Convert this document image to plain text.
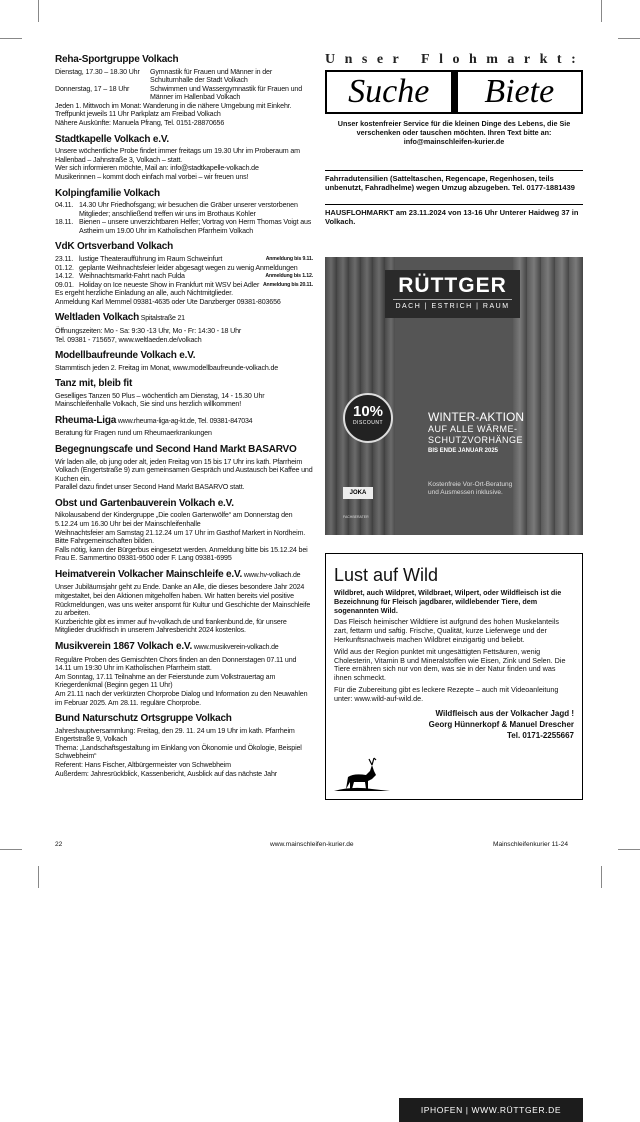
Reha-Sportgruppe Volkach
Dienstag, 17.30 – 18.30 Uhr	Gymnastik für Frauen und Männer in der Schulturnhalle der Stadt Volkach
Donnerstag, 17 – 18 Uhr	Schwimmen und Wassergymnastik für Frauen und Männer im Hallenbad Volkach

Jeden 1. Mittwoch im Monat: Wanderung in die nähere Umgebung mit Einkehr. Treffpunkt jeweils 11 Uhr Parkplatz am Freibad Volkach

Nähere Auskünfte: Manuela Pfrang, Tel. 0151-28870656

Stadtkapelle Volkach e.V.

Unsere wöchentliche Probe findet immer freitags um 19.30 Uhr im Proberaum am Hallenbad – Jahnstraße 3, Volkach – statt.

Wer sich informieren möchte, Mail an: info@stadtkapelle-volkach.de

Musikerinnen – kommt doch einfach mal vorbei – wir freuen uns!

Kolpingfamilie Volkach
04.11. 14.30 Uhr Friedhofsgang; wir besuchen die Gräber unserer verstorbenen Mitglieder; anschließend treffen wir uns im Brothaus Kohler
18.11. Bienen – unsere unverzichtbaren Helfer; Vortrag von Herm Thomas Voigt aus Astheim um 19.00 Uhr im Katholischen Pfarrheim Volkach
VdK Ortsverband Volkach
23.11. lustige Theateraufführung im Raum Schweinfurt	Anmeldung bis 9.11.
01.12. geplante Weihnachtsfeier leider abgesagt wegen zu wenig Anmeldungen
14.12. Weihnachtsmarkt-Fahrt nach Fulda	Anmeldung bis 1.12.
09.01. Holiday on Ice neueste Show in Frankfurt mit WSV bei Adler Anmeldung bis 20.11.

Es ergeht herzliche Einladung an alle, auch Nichtmitglieder.

Anmeldung Karl Memmel 09381-4635 oder Ute Danzberger 09381-803656

Weltladen Volkach Spitalstraße 21

Öffnungszeiten: Mo - Sa: 9:30 -13 Uhr, Mo - Fr: 14:30 - 18 Uhr

Tel. 09381 - 715657, www.weltlaeden.de/volkach

Modellbaufreunde Volkach e.V.

Stammtisch jeden 2. Freitag im Monat, www.modellbaufreunde-volkach.de

Tanz mit, bleib fit

Geselliges Tanzen 50 Plus – wöchentlich am Dienstag, 14 - 15.30 Uhr

Mainschleifenhalle Volkach, Sie sind uns herzlich willkommen!

Rheuma-Liga www.rheuma-liga-ag-kt.de, Tel. 09381-847034

Beratung für Fragen rund um Rheumaerkrankungen

Begegnungscafe und Second Hand Markt BASARVO

Wir laden alle, ob jung oder alt, jeden Freitag von 15 bis 17 Uhr ins kath. Pfarrheim Volkach (Engertstraße 9) zum gemeinsamen Gespräch und Austausch bei Kaffee und Kuchen ein.

Parallel dazu findet unser Second Hand Markt BASARVO statt.

Obst und Gartenbauverein Volkach e.V.

Nikolausabend der Kindergruppe „Die coolen Gartenwölfe“ am Donnerstag den 5.12.24 um 16.30 Uhr bei der Mainschleifenhalle

Weihnachtsfeier am Samstag 21.12.24 um 17 Uhr im Gasthof Markert in Nordheim. Bitte Fahrgemeinschaften bilden.

Falls nötig, kann der Bürgerbus eingesetzt werden. Anmeldung bitte bis 15.12.24 bei Frau E. Sammertino 09381-9500 oder F. Lang 09381-6995

Heimatverein Volkacher Mainschleife e.V. www.hv-volkach.de

Unser Jubiläumsjahr geht zu Ende. Danke an Alle, die dieses besondere Jahr 2024 mitgestaltet, bei den Aktionen mitgeholfen haben. Wir hatten bereits viel positive Rückmeldungen, was uns weiter anspornt für Kultur und Geschichte der Mainschleife zu arbeiten.

Kurzberichte gibt es immer auf hv-volkach.de und frankenbund.de, für unsere Mitglieder druckfrisch in unserem Jahresbericht 2024 kostenlos.

Musikverein 1867 Volkach e.V. www.musikverein-volkach.de

Reguläre Proben des Gemischten Chors finden an den Donnerstagen 07.11 und 14.11 um 19:30 Uhr im Katholischen Pfarrheim statt.

Am Sonntag, 17.11 Teilnahme an der Feierstunde zum Volkstrauertag am Kriegerdenkmal (Beginn gegen 11 Uhr)

Am 21.11 nach der verkürzten Chorprobe Dialog und Information zu den Neuwahlen im Februar 2025. Am 28.11. reguläre Chorprobe.

Bund Naturschutz Ortsgruppe Volkach

Jahreshauptversammlung: Freitag, den 29. 11. 24 um 19 Uhr im kath. Pfarrheim Engertstraße 9, Volkach

Thema: „Landschaftsgestaltung im Einklang von Ökonomie und Ökologie, Beispiel Schwebheim“

Referent: Hans Fischer, Altbürgermeister von Schwebheim

Außerdem: Jahresrückblick, Kassenbericht, Ausblick auf das nächste Jahr

Unser Flohmarkt:
Suche	Biete
Unser kostenfreier Service für die kleinen Dinge des Lebens, die Sie verschenken oder tauschen möchten. Ihren Text bitte an: info@mainschleifen-kurier.de
Fahrradutensilien (Satteltaschen, Regencape, Regenhosen, teils unbenutzt, Fahradhelme) wegen Umzug abzugeben. Tel. 0177-1881439
HAUSFLOHMARKT am 23.11.2024 von 13-16 Uhr Unterer Haidweg 37 in Volkach.
RÜTTGER
DACH | ESTRICH | RAUM
10%
DISCOUNT	WINTER-AKTION
AUF ALLE WÄRME-
SCHUTZVORHÄNGE
BIS ENDE JANUAR 2025
Kostenfreie Vor-Ort-Beratung
und Ausmessen inklusive.
JOKA
FACHBERATER
IPHOFEN | WWW.RÜTTGER.DE
Lust auf Wild

Wildbret, auch Wildpret, Wildbraet, Wilpert, oder Wildfleisch ist die Bezeichnung für Fleisch jagdbarer, wildlebender Tiere, dem sogenannten Wild.

Das Fleisch heimischer Wildtiere ist aufgrund des hohen Muskelanteils zart, fettarm und saftig. Frische, Qualität, kurze Lieferwege und der Herkunftsnachweis machen Wildbret einzigartig und beliebt.

Wild aus der Region punktet mit ungesättigten Fettsäuren, wenig Cholesterin, Vitamin B und Mineralstoffen wie Eisen, Zink und Selen. Die Tiere ernähren sich nur von dem, was sie in der Natur finden und was ihnen schmeckt.

Für die Zubereitung gibt es leckere Rezepte – auch mit Videoanleitung unter: www.wild-auf-wild.de.

Wildfleisch aus der Volkacher Jagd !
Georg Hünnerkopf & Manuel Drescher
Tel. 0171-2255667
22	www.mainschleifen-kurier.de	Mainschleifenkurier 11-24
